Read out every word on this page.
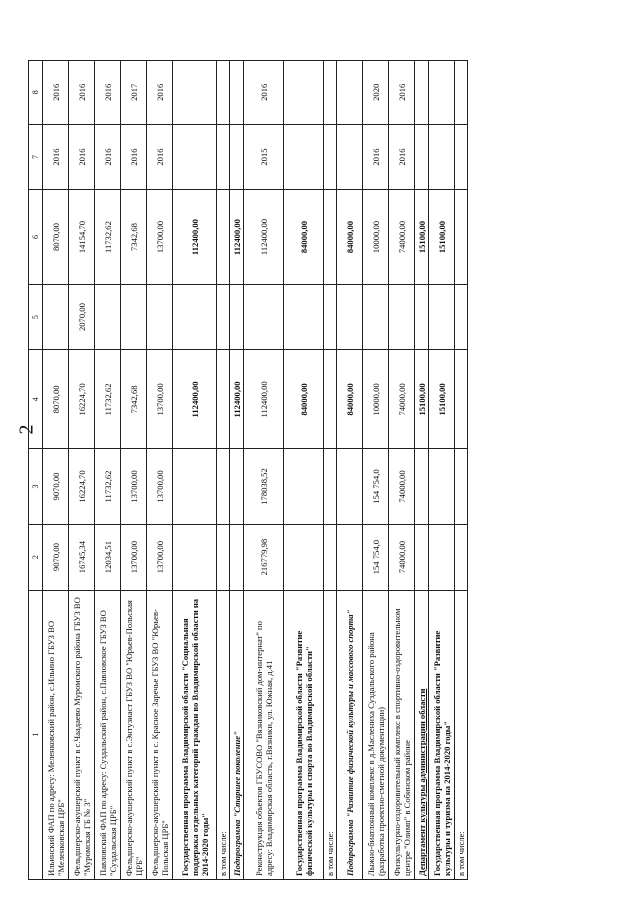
2
1	2	3	4	5	6	7	8
Ильинский ФАП по адресу: Меленковский район, с.Ильино ГБУЗ ВО "Меленковская ЦРБ"	9070,00	9070,00	8070,00		8070,00	2016	2016
Фельдшерско-акушерский пункт в с.Чаадаево Муромского района ГБУЗ ВО "Муромская ГБ № 3"	16745,34	16224,70	16224,70	2070,00	14154,70	2016	2016
Павловский ФАП по адресу: Суздальский район, с.Павловское ГБУЗ ВО "Суздальская ЦРБ"	12034,51	11732,62	11732,62		11732,62	2016	2016
Фельдшерско-акушерский пункт в с.Энтузиаст ГБУЗ ВО "Юрьев-Польская ЦРБ"	13700,00	13700,00	7342,68		7342,68	2016	2017
Фельдшерско-акушерский пункт в с. Красное Заречье ГБУЗ ВО "Юрьев-Польская ЦРБ"	13700,00	13700,00	13700,00		13700,00	2016	2016
Государственная программа Владимирской области "Социальная поддержка отдельных категорий граждан во Владимирской области на 2014-2020 годы"			112400,00		112400,00		
в том числе:							
Подпрограмма "Старшее поколение"			112400,00		112400,00		
Реконструкция объектов ГБУСОВО "Вязниковский дом-интернат" по адресу: Владимирская область, г.Вязники, ул. Южная, д.41	216779,98	178038,52	112400,00		112400,00	2015	2016
Государственная программа Владимирской области "Развитие физической культуры и спорта во Владимирской области"			84000,00		84000,00		
в том числе:							
Подпрограмма "Развитие физической культуры и массового спорта"			84000,00		84000,00		
Лыжно-биатлонный комплекс в д.Мaслениха Суздальского района (разработка проектно-сметной документации)	154 754,0	154 754,0	10000,00		10000,00	2016	2020
Физкультурно-оздоровительный комплекс в спортивно-оздоровительном центре "Олимп" в Собинском районе	74000,00	74000,00	74000,00		74000,00	2016	2016
Департамент культуры администрации области			15100,00		15100,00		
Государственная программа Владимирской области "Развитие культуры и туризма на 2014-2020 годы"			15100,00		15100,00		
в том числе:							
